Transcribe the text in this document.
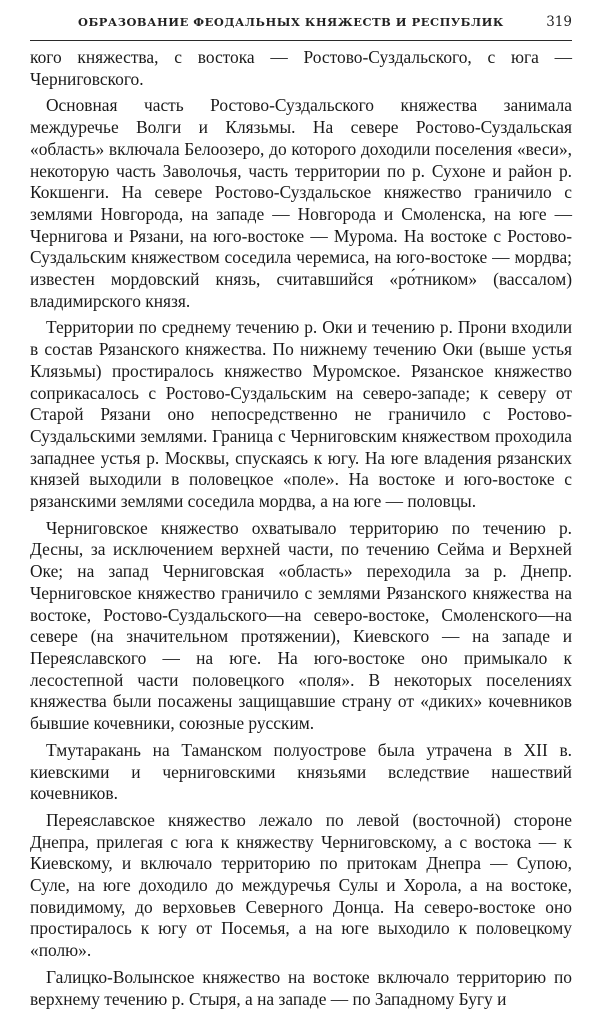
ОБРАЗОВАНИЕ ФЕОДАЛЬНЫХ КНЯЖЕСТВ И РЕСПУБЛИК	319

кого княжества, с востока — Ростово-Суздальского, с юга — Черниговского.

Основная часть Ростово-Суздальского княжества занимала междуречье Волги и Клязьмы. На севере Ростово-Суздальская «область» включала Белоозеро, до которого доходили поселения «веси», некоторую часть Заволочья, часть территории по р. Сухоне и район р. Кокшенги. На севере Ростово-Суздальское княжество граничило с землями Новгорода, на западе — Новгорода и Смоленска, на юге — Чернигова и Рязани, на юго-востоке — Мурома. На востоке с Ростово-Суздальским княжеством соседила черемиса, на юго-востоке — мордва; известен мордовский князь, считавшийся «ро́тником» (вассалом) владимирского князя.

Территории по среднему течению р. Оки и течению р. Прони входили в состав Рязанского княжества. По нижнему течению Оки (выше устья Клязьмы) простиралось княжество Муромское. Рязанское княжество соприкасалось с Ростово-Суздальским на северо-западе; к северу от Старой Рязани оно непосредственно не граничило с Ростово-Суздальскими землями. Граница с Черниговским княжеством проходила западнее устья р. Москвы, спускаясь к югу. На юге владения рязанских князей выходили в половецкое «поле». На востоке и юго-востоке с рязанскими землями соседила мордва, а на юге — половцы.

Черниговское княжество охватывало территорию по течению р. Десны, за исключением верхней части, по течению Сейма и Верхней Оке; на запад Черниговская «область» переходила за р. Днепр. Черниговское княжество граничило с землями Рязанского княжества на востоке, Ростово-Суздальского—на северо-востоке, Смоленского—на севере (на значительном протяжении), Киевского — на западе и Переяславского — на юге. На юго-востоке оно примыкало к лесостепной части половецкого «поля». В некоторых поселениях княжества были посажены защищавшие страну от «диких» кочевников бывшие кочевники, союзные русским.

Тмутаракань на Таманском полуострове была утрачена в XII в. киевскими и черниговскими князьями вследствие нашествий кочевников.

Переяславское княжество лежало по левой (восточной) стороне Днепра, прилегая с юга к княжеству Черниговскому, а с востока — к Киевскому, и включало территорию по притокам Днепра — Супою, Суле, на юге доходило до междуречья Сулы и Хорола, а на востоке, повидимому, до верховьев Северного Донца. На северо-востоке оно простиралось к югу от Посемья, а на юге выходило к половецкому «полю».

Галицко-Волынское княжество на востоке включало территорию по верхнему течению р. Стыря, а на западе — по Западному Бугу и
